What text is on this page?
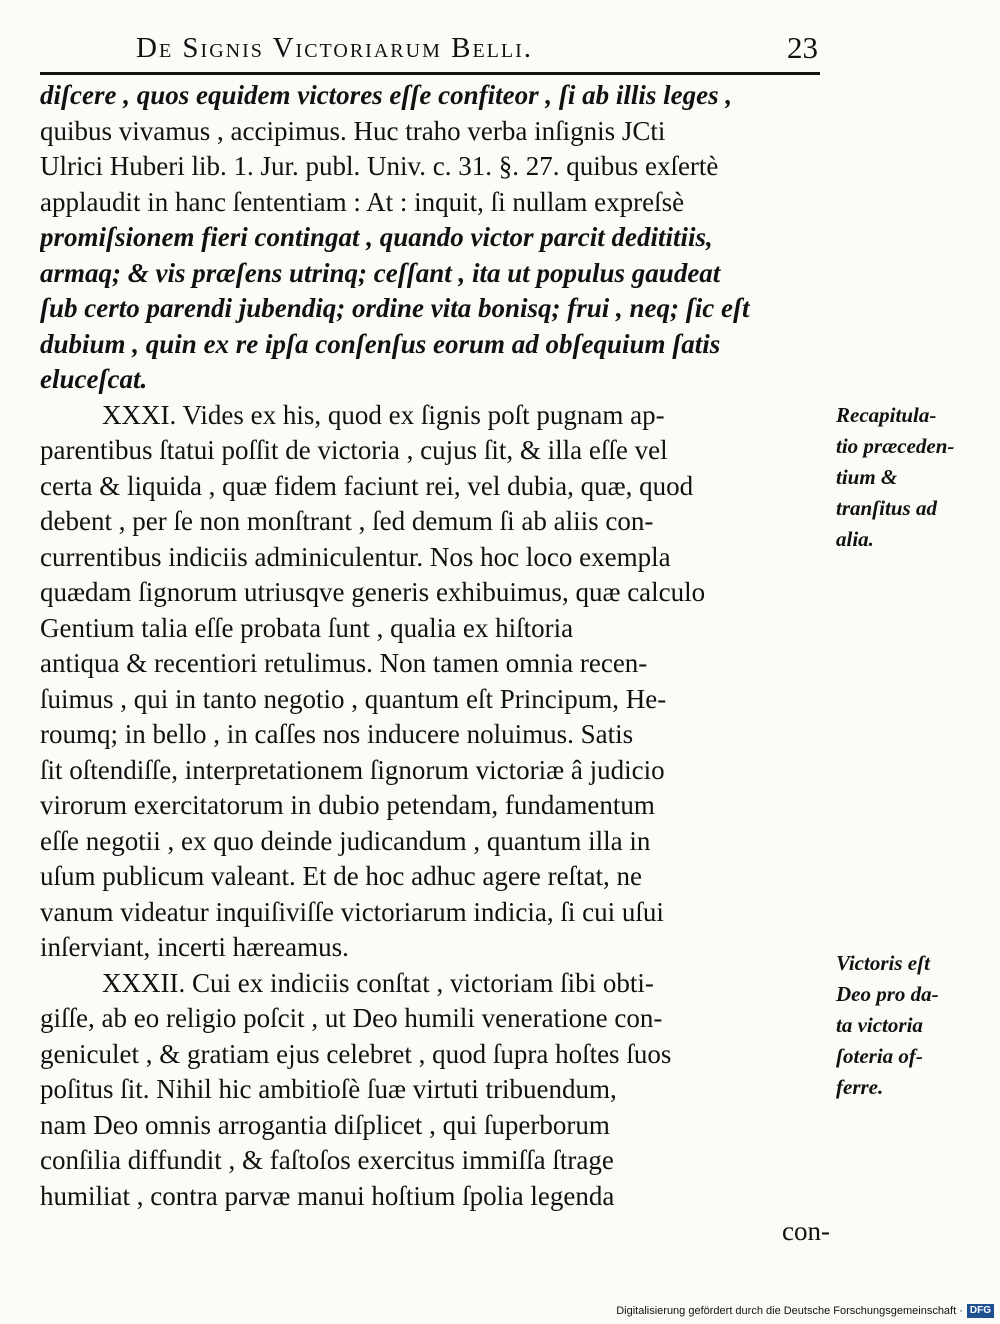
De Signis Victoriarum Belli.	23
diſcere , quos equidem victores eſſe confiteor , ſi ab illis leges ,
quibus vivamus , accipimus. Huc traho verba inſignis JCti
Ulrici Huberi lib. 1. Jur. publ. Univ. c. 31. §. 27. quibus exſertè
applaudit in hanc ſententiam : At : inquit, ſi nullam expreſsè
promiſsionem fieri contingat , quando victor parcit dedititiis,
armaq; & vis præſens utrinq; ceſſant , ita ut populus gaudeat
ſub certo parendi jubendiq; ordine vita bonisq; frui , neq; ſic eſt
dubium , quin ex re ipſa conſenſus eorum ad obſequium ſatis
eluceſcat.
XXXI. Vides ex his, quod ex ſignis poſt pugnam ap-
parentibus ſtatui poſſit de victoria , cujus ſit, & illa eſſe vel
certa & liquida , quæ fidem faciunt rei, vel dubia, quæ, quod
debent , per ſe non monſtrant , ſed demum ſi ab aliis con-
currentibus indiciis adminiculentur. Nos hoc loco exempla
quædam ſignorum utriusqve generis exhibuimus, quæ calculo
Gentium talia eſſe probata ſunt , qualia ex hiſtoria
antiqua & recentiori retulimus. Non tamen omnia recen-
ſuimus , qui in tanto negotio , quantum eſt Principum, He-
roumq; in bello , in caſſes nos inducere noluimus. Satis
ſit oſtendiſſe, interpretationem ſignorum victoriæ â judicio
virorum exercitatorum in dubio petendam, fundamentum
eſſe negotii , ex quo deinde judicandum , quantum illa in
uſum publicum valeant. Et de hoc adhuc agere reſtat, ne
vanum videatur inquiſiviſſe victoriarum indicia, ſi cui uſui
inſerviant, incerti hæreamus.
XXXII. Cui ex indiciis conſtat , victoriam ſibi obti-
giſſe, ab eo religio poſcit , ut Deo humili veneratione con-
geniculet , & gratiam ejus celebret , quod ſupra hoſtes ſuos
poſitus ſit. Nihil hic ambitioſè ſuæ virtuti tribuendum,
nam Deo omnis arrogantia diſplicet , qui ſuperborum
conſilia diffundit , & faſtoſos exercitus immiſſa ſtrage
humiliat , contra parvæ manui hoſtium ſpolia legenda
con-
Recapitula-
tio præceden-
tium &
tranſitus ad
alia.
Victoris eſt
Deo pro da-
ta victoria
ſoteria of-
ferre.
Digitalisierung gefördert durch die Deutsche Forschungsgemeinschaft · DFG
